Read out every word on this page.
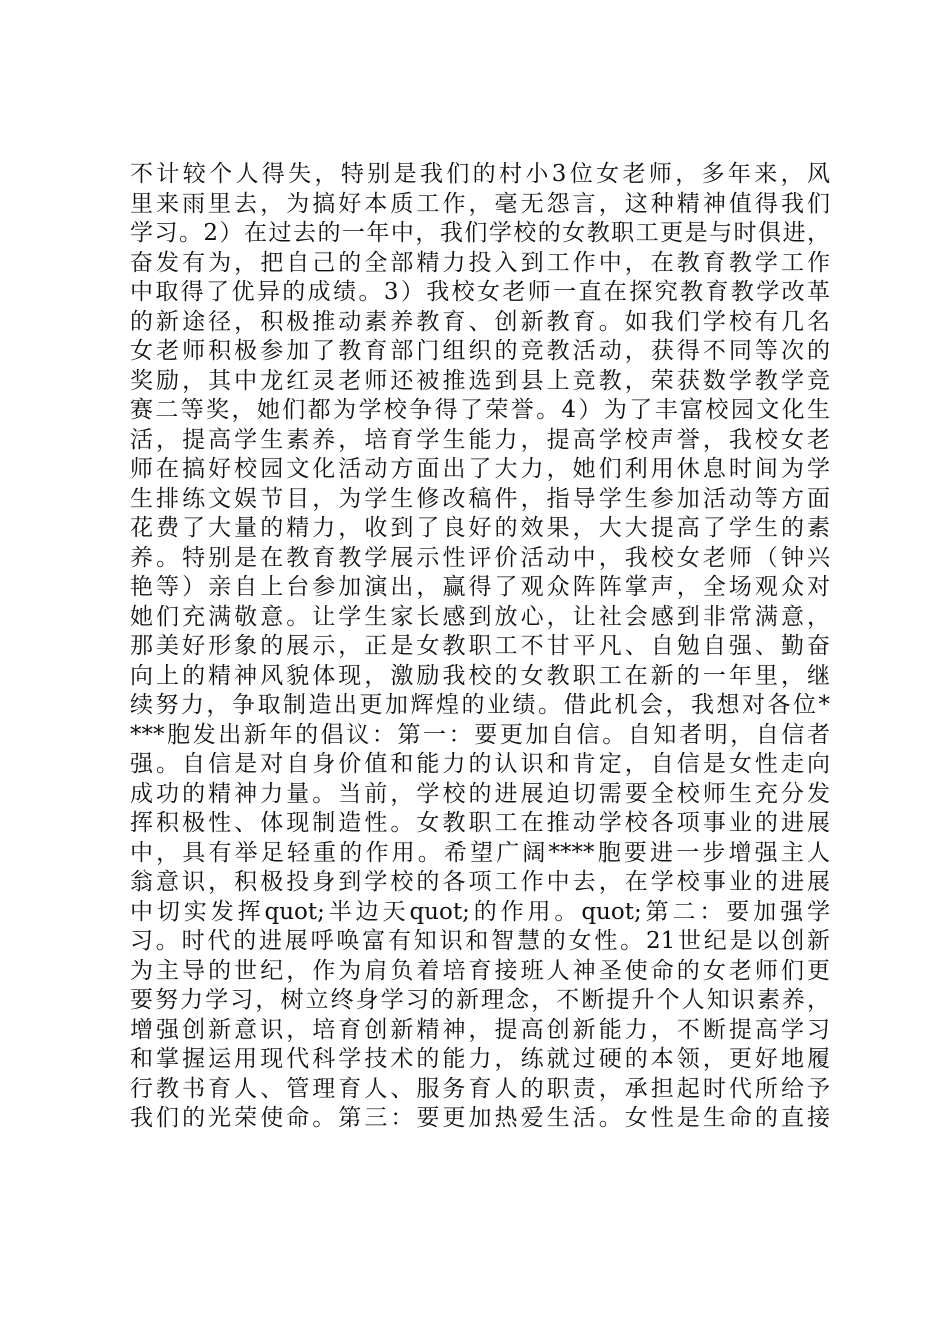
不计较个人得失，特别是我们的村小3位女老师，多年来，风
里来雨里去，为搞好本质工作，毫无怨言，这种精神值得我们
学习。2）在过去的一年中，我们学校的女教职工更是与时俱进，
奋发有为，把自己的全部精力投入到工作中，在教育教学工作
中取得了优异的成绩。3）我校女老师一直在探究教育教学改革
的新途径，积极推动素养教育、创新教育。如我们学校有几名
女老师积极参加了教育部门组织的竞教活动，获得不同等次的
奖励，其中龙红灵老师还被推选到县上竞教，荣获数学教学竞
赛二等奖，她们都为学校争得了荣誉。4）为了丰富校园文化生
活，提高学生素养，培育学生能力，提高学校声誉，我校女老
师在搞好校园文化活动方面出了大力，她们利用休息时间为学
生排练文娱节目，为学生修改稿件，指导学生参加活动等方面
花费了大量的精力，收到了良好的效果，大大提高了学生的素
养。特别是在教育教学展示性评价活动中，我校女老师（钟兴
艳等）亲自上台参加演出，赢得了观众阵阵掌声，全场观众对
她们充满敬意。让学生家长感到放心，让社会感到非常满意，
那美好形象的展示，正是女教职工不甘平凡、自勉自强、勤奋
向上的精神风貌体现，激励我校的女教职工在新的一年里，继
续努力，争取制造出更加辉煌的业绩。借此机会，我想对各位*
***胞发出新年的倡议：第一：要更加自信。自知者明，自信者
强。自信是对自身价值和能力的认识和肯定，自信是女性走向
成功的精神力量。当前，学校的进展迫切需要全校师生充分发
挥积极性、体现制造性。女教职工在推动学校各项事业的进展
中，具有举足轻重的作用。希望广阔****胞要进一步增强主人
翁意识，积极投身到学校的各项工作中去，在学校事业的进展
中切实发挥quot;半边天quot;的作用。quot;第二：要加强学
习。时代的进展呼唤富有知识和智慧的女性。21世纪是以创新
为主导的世纪，作为肩负着培育接班人神圣使命的女老师们更
要努力学习，树立终身学习的新理念，不断提升个人知识素养，
增强创新意识，培育创新精神，提高创新能力，不断提高学习
和掌握运用现代科学技术的能力，练就过硬的本领，更好地履
行教书育人、管理育人、服务育人的职责，承担起时代所给予
我们的光荣使命。第三：要更加热爱生活。女性是生命的直接
